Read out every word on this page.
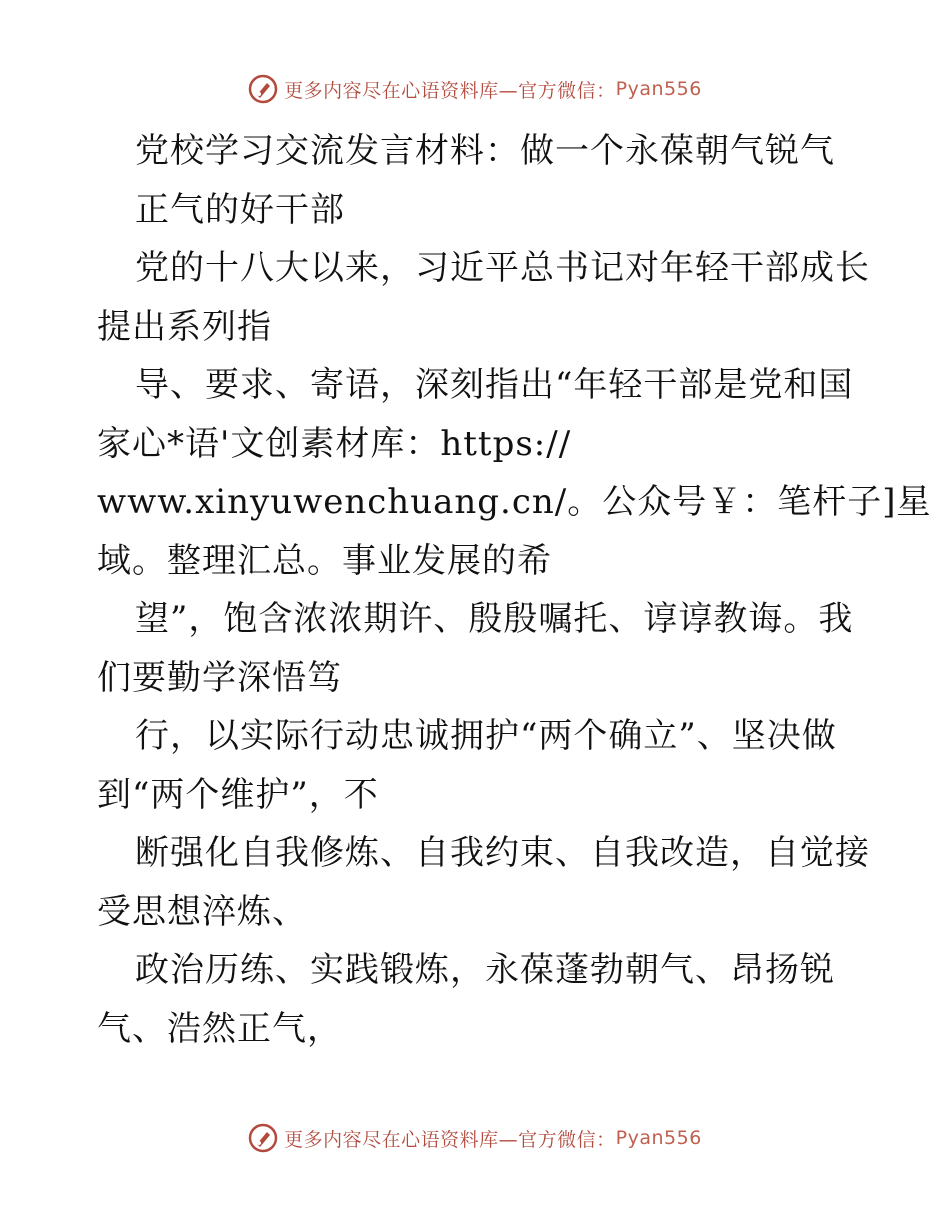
更多内容尽在心语资料库—官方微信： Pyan556
党校学习交流发言材料：做一个永葆朝气锐气
正气的好干部
党的十八大以来，习近平总书记对年轻干部成长
提出系列指
导、要求、寄语，深刻指出“年轻干部是党和国
家心*语'文创素材库：https://
www.xinyuwenchuang.cn/。公众号￥：笔杆子]星
域。整理汇总。事业发展的希
望”，饱含浓浓期许、殷殷嘱托、谆谆教诲。我
们要勤学深悟笃
行，以实际行动忠诚拥护“两个确立”、坚决做
到“两个维护”，不
断强化自我修炼、自我约束、自我改造，自觉接
受思想淬炼、
政治历练、实践锻炼，永葆蓬勃朝气、昂扬锐
气、浩然正气，
更多内容尽在心语资料库—官方微信： Pyan556
